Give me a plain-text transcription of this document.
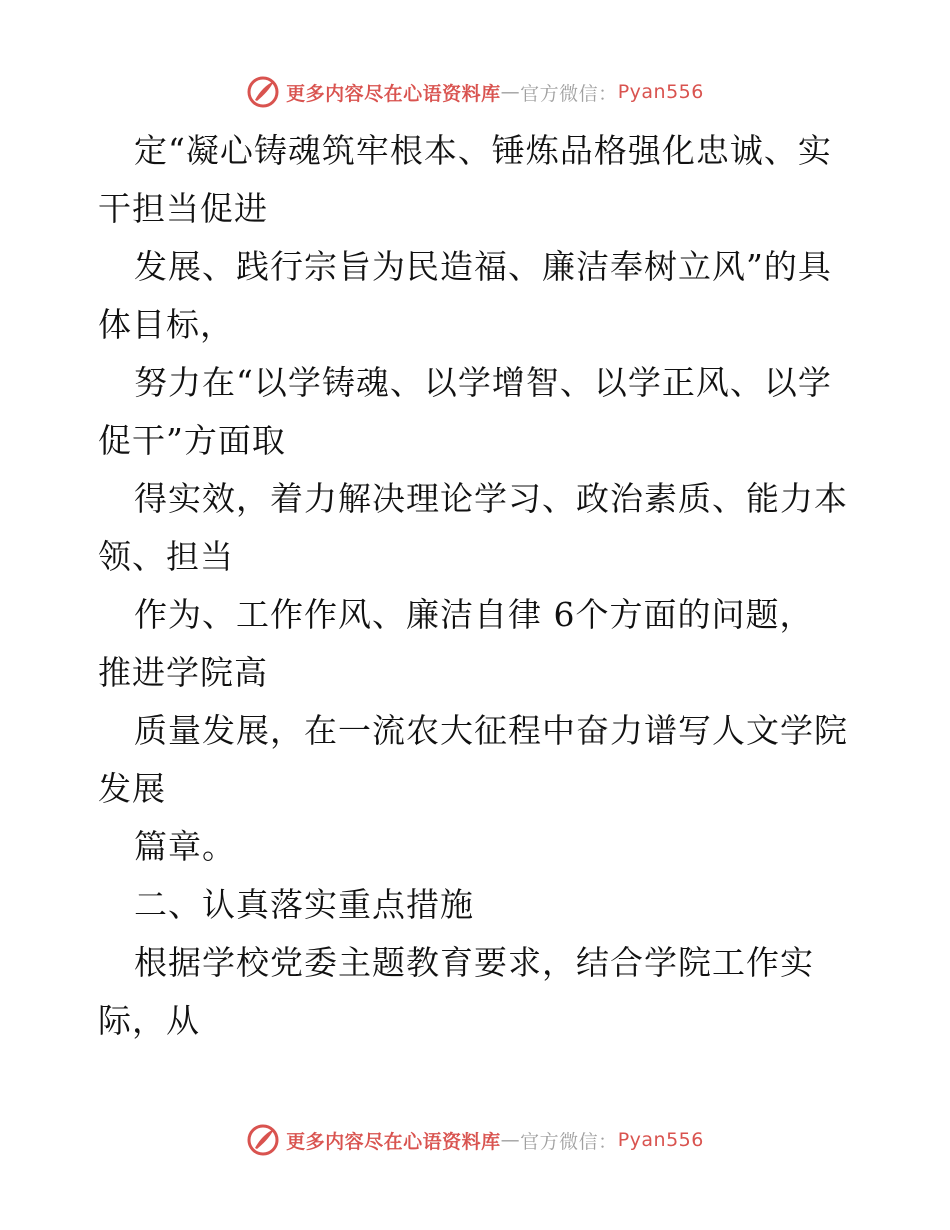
更多内容尽在心语资料库 — 官方微信： Pyan556
定“凝心铸魂筑牢根本、锤炼品格强化忠诚、实
干担当促进
发展、践行宗旨为民造福、廉洁奉树立风”的具
体目标，
努力在“以学铸魂、以学增智、以学正风、以学
促干”方面取
得实效，着力解决理论学习、政治素质、能力本
领、担当
作为、工作作风、廉洁自律 6个方面的问题，
推进学院高
质量发展，在一流农大征程中奋力谱写人文学院
发展
篇章。
二、认真落实重点措施
根据学校党委主题教育要求，结合学院工作实
际，从
更多内容尽在心语资料库 — 官方微信： Pyan556
